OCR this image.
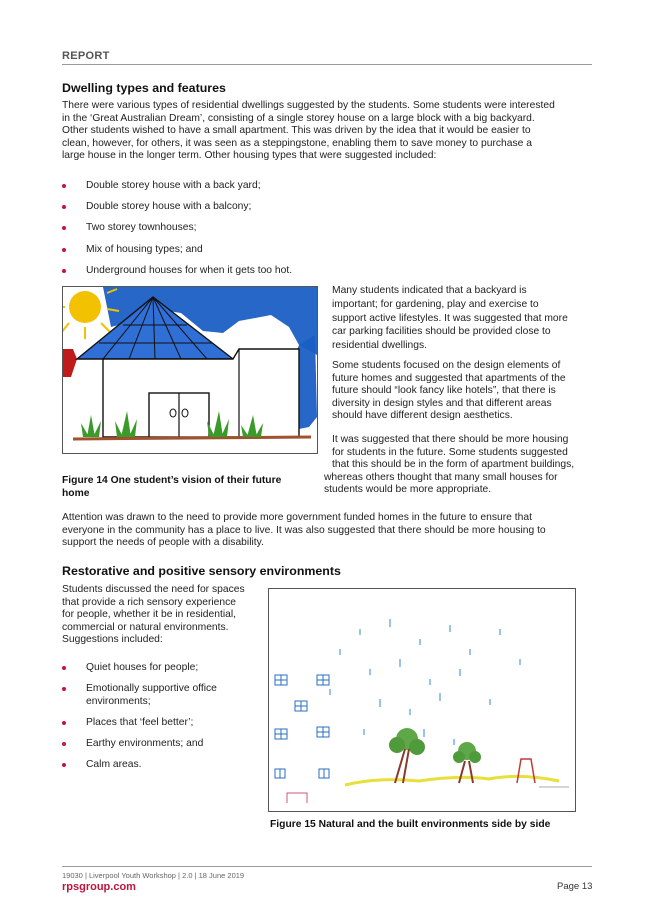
REPORT
Dwelling types and features
There were various types of residential dwellings suggested by the students. Some students were interested
in the ‘Great Australian Dream’, consisting of a single storey house on a large block with a big backyard.
Other students wished to have a small apartment. This was driven by the idea that it would be easier to
clean, however, for others, it was seen as a steppingstone, enabling them to save money to purchase a
large house in the longer term. Other housing types that were suggested included:
Double storey house with a back yard;
Double storey house with a balcony;
Two storey townhouses;
Mix of housing types; and
Underground houses for when it gets too hot.
Figure 14 One student’s vision of their future
home
Many students indicated that a backyard is
important; for gardening, play and exercise to
support active lifestyles. It was suggested that more
car parking facilities should be provided close to
residential dwellings.
Some students focused on the design elements of
future homes and suggested that apartments of the
future should “look fancy like hotels”, that there is
diversity in design styles and that different areas
should have different design aesthetics.
It was suggested that there should be more housing
for students in the future. Some students suggested
that this should be in the form of apartment buildings,
whereas others thought that many small houses for
students would be more appropriate.
Attention was drawn to the need to provide more government funded homes in the future to ensure that
everyone in the community has a place to live. It was also suggested that there should be more housing to
support the needs of people with a disability.
Restorative and positive sensory environments
Students discussed the need for spaces
that provide a rich sensory experience
for people, whether it be in residential,
commercial or natural environments.
Suggestions included:
Quiet houses for people;
Emotionally supportive office
environments;
Places that ‘feel better’;
Earthy environments; and
Calm areas.
Figure 15 Natural and the built environments side by side
19030 | Liverpool Youth Workshop | 2.0 | 18 June 2019
rpsgroup.com	Page 13
